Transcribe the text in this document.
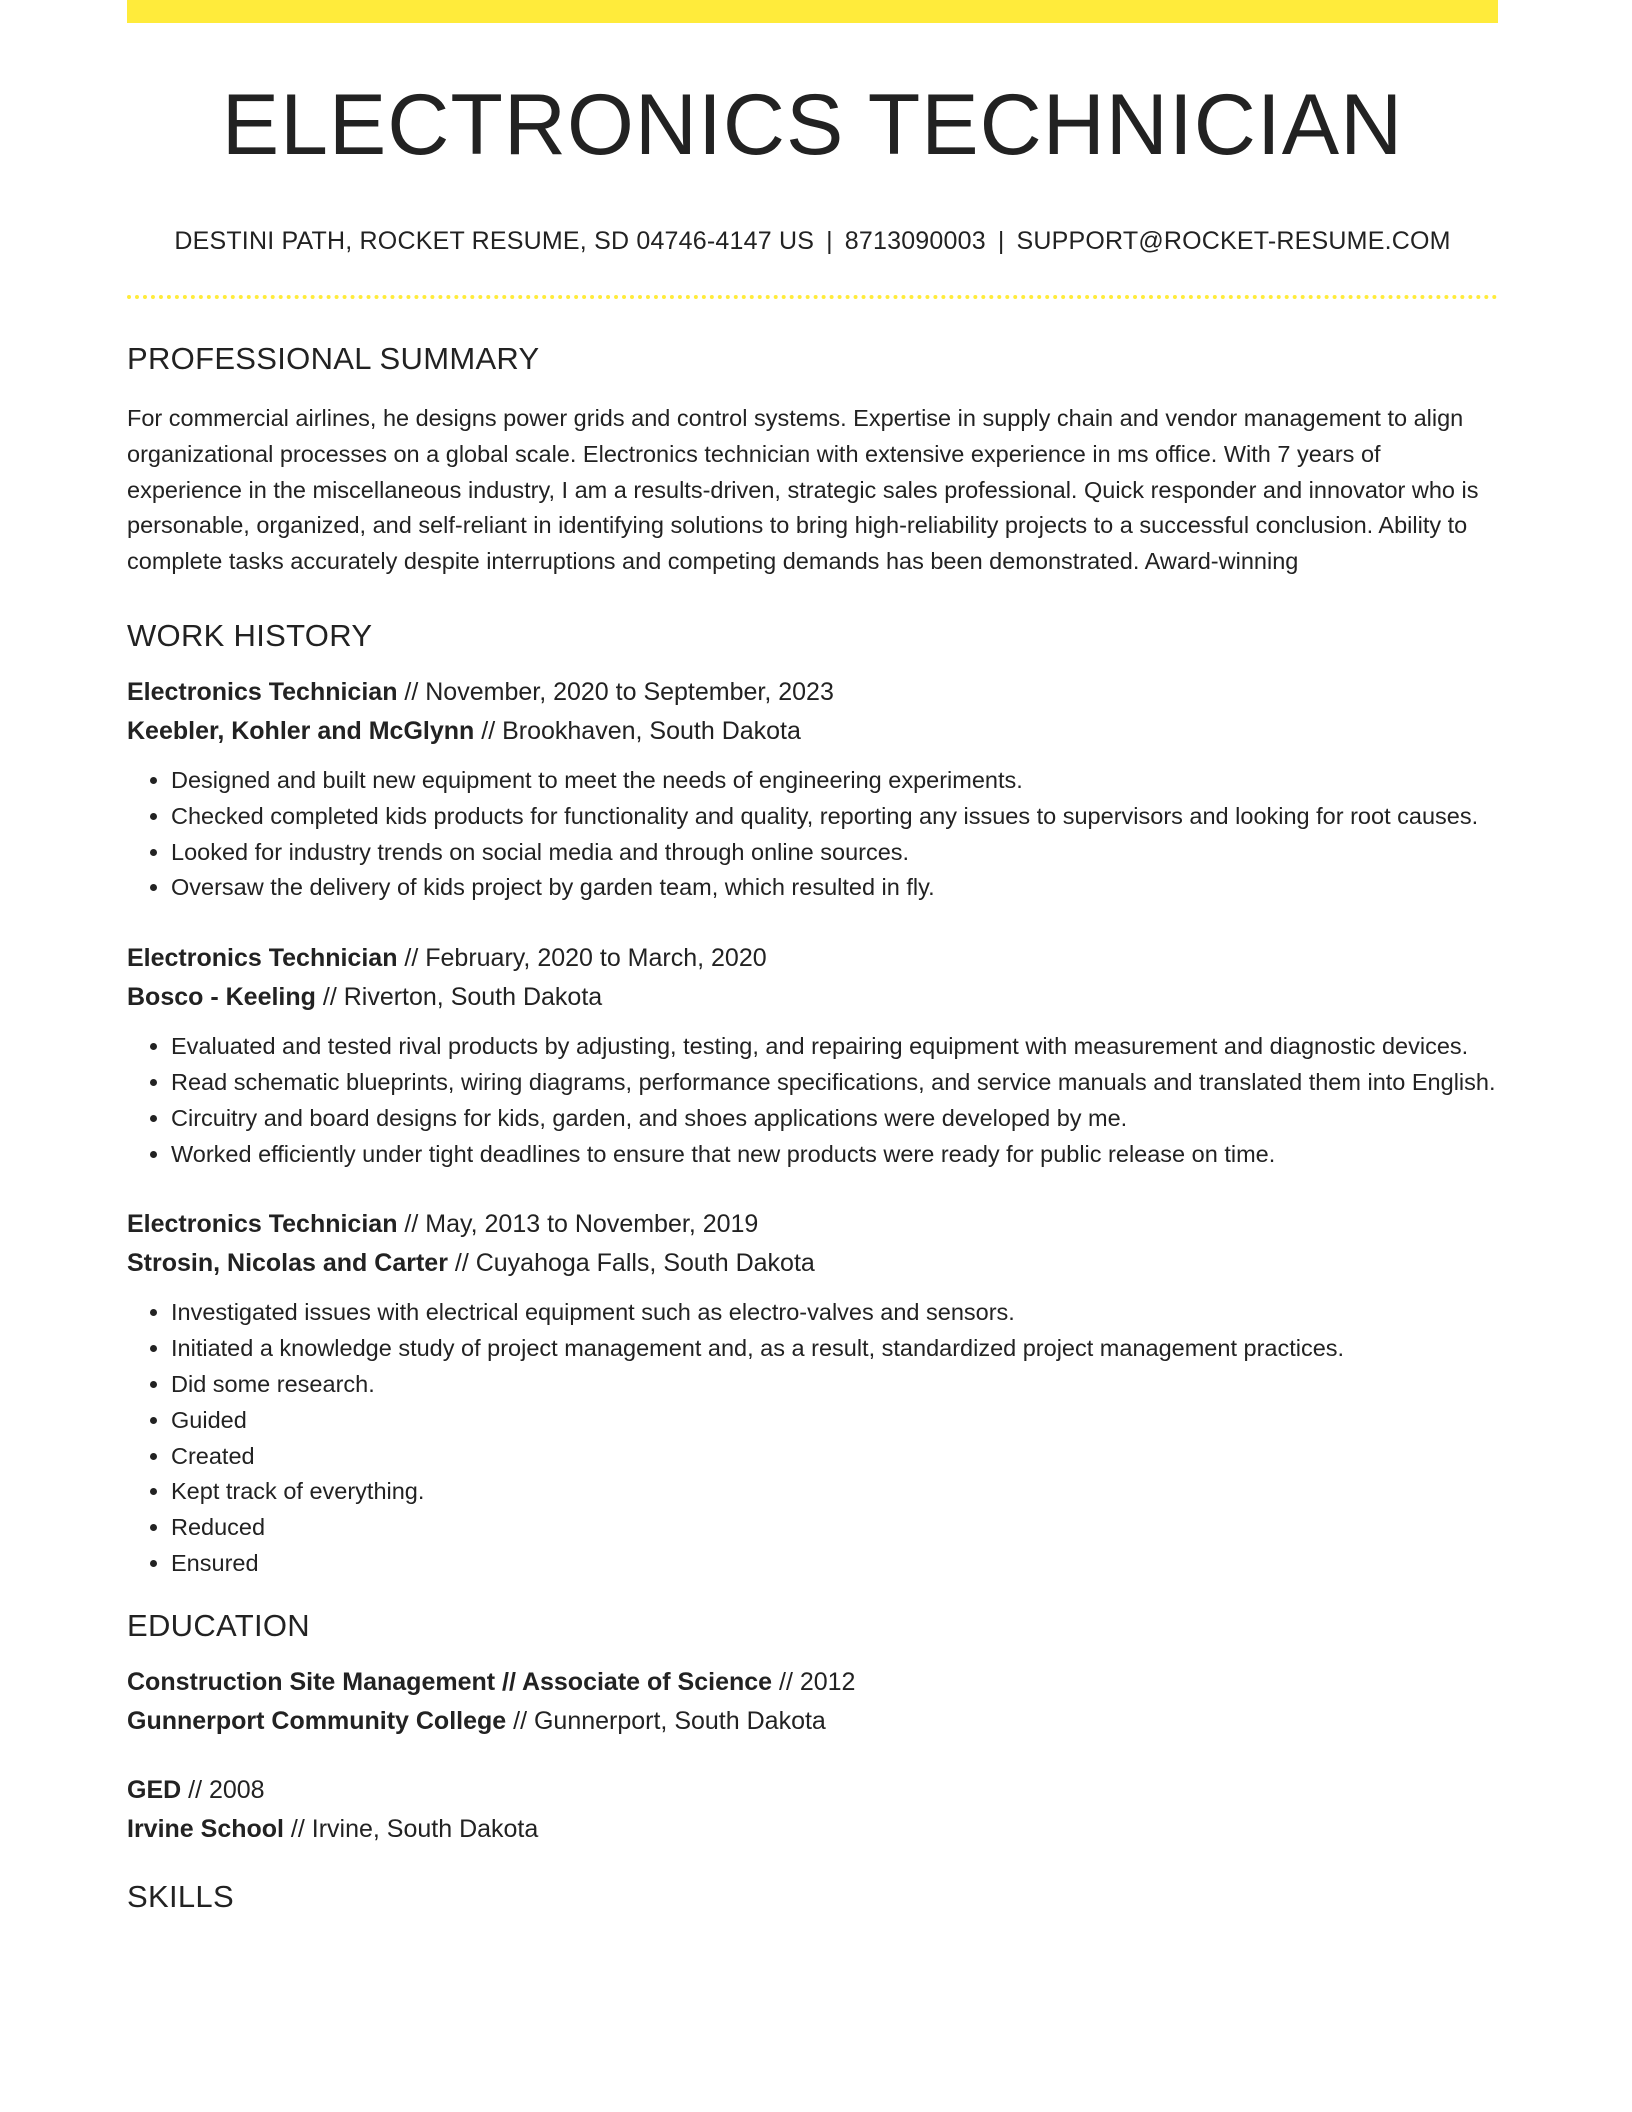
ELECTRONICS TECHNICIAN
DESTINI PATH, ROCKET RESUME, SD 04746-4147 US | 8713090003 | SUPPORT@ROCKET-RESUME.COM
PROFESSIONAL SUMMARY

For commercial airlines, he designs power grids and control systems. Expertise in supply chain and vendor management to align organizational processes on a global scale. Electronics technician with extensive experience in ms office. With 7 years of experience in the miscellaneous industry, I am a results-driven, strategic sales professional. Quick responder and innovator who is personable, organized, and self-reliant in identifying solutions to bring high-reliability projects to a successful conclusion. Ability to complete tasks accurately despite interruptions and competing demands has been demonstrated. Award-winning

WORK HISTORY
Electronics Technician // November, 2020 to September, 2023
Keebler, Kohler and McGlynn // Brookhaven, South Dakota
• Designed and built new equipment to meet the needs of engineering experiments.
• Checked completed kids products for functionality and quality, reporting any issues to supervisors and looking for root causes.
• Looked for industry trends on social media and through online sources.
• Oversaw the delivery of kids project by garden team, which resulted in fly.
Electronics Technician // February, 2020 to March, 2020
Bosco - Keeling // Riverton, South Dakota
• Evaluated and tested rival products by adjusting, testing, and repairing equipment with measurement and diagnostic devices.
• Read schematic blueprints, wiring diagrams, performance specifications, and service manuals and translated them into English.
• Circuitry and board designs for kids, garden, and shoes applications were developed by me.
• Worked efficiently under tight deadlines to ensure that new products were ready for public release on time.
Electronics Technician // May, 2013 to November, 2019
Strosin, Nicolas and Carter // Cuyahoga Falls, South Dakota
• Investigated issues with electrical equipment such as electro-valves and sensors.
• Initiated a knowledge study of project management and, as a result, standardized project management practices.
• Did some research.
• Guided
• Created
• Kept track of everything.
• Reduced
• Ensured
EDUCATION
Construction Site Management // Associate of Science // 2012
Gunnerport Community College // Gunnerport, South Dakota
GED // 2008
Irvine School // Irvine, South Dakota
SKILLS
